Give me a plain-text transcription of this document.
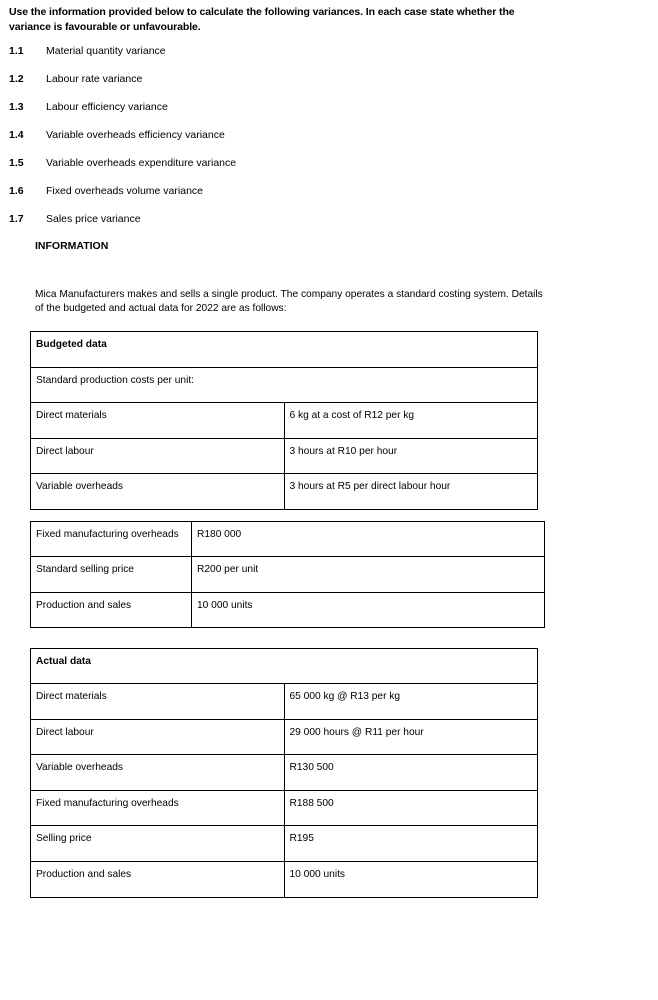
Use the information provided below to calculate the following variances. In each case state whether the variance is favourable or unfavourable.
1.1	Material quantity variance
1.2	Labour rate variance
1.3	Labour efficiency variance
1.4	Variable overheads efficiency variance
1.5	Variable overheads expenditure variance
1.6	Fixed overheads volume variance
1.7	Sales price variance
INFORMATION
Mica Manufacturers makes and sells a single product. The company operates a standard costing system. Details of the budgeted and actual data for 2022 are as follows:
Budgeted data	
Standard production costs per unit:	
Direct materials	6 kg at a cost of R12 per kg
Direct labour	3 hours at R10 per hour
Variable overheads	3 hours at R5 per direct labour hour
Fixed manufacturing overheads	R180 000
Standard selling price	R200 per unit
Production and sales	10 000 units
Actual data	
Direct materials	65 000 kg @ R13 per kg
Direct labour	29 000 hours @ R11 per hour
Variable overheads	R130 500
Fixed manufacturing overheads	R188 500
Selling price	R195
Production and sales	10 000 units
